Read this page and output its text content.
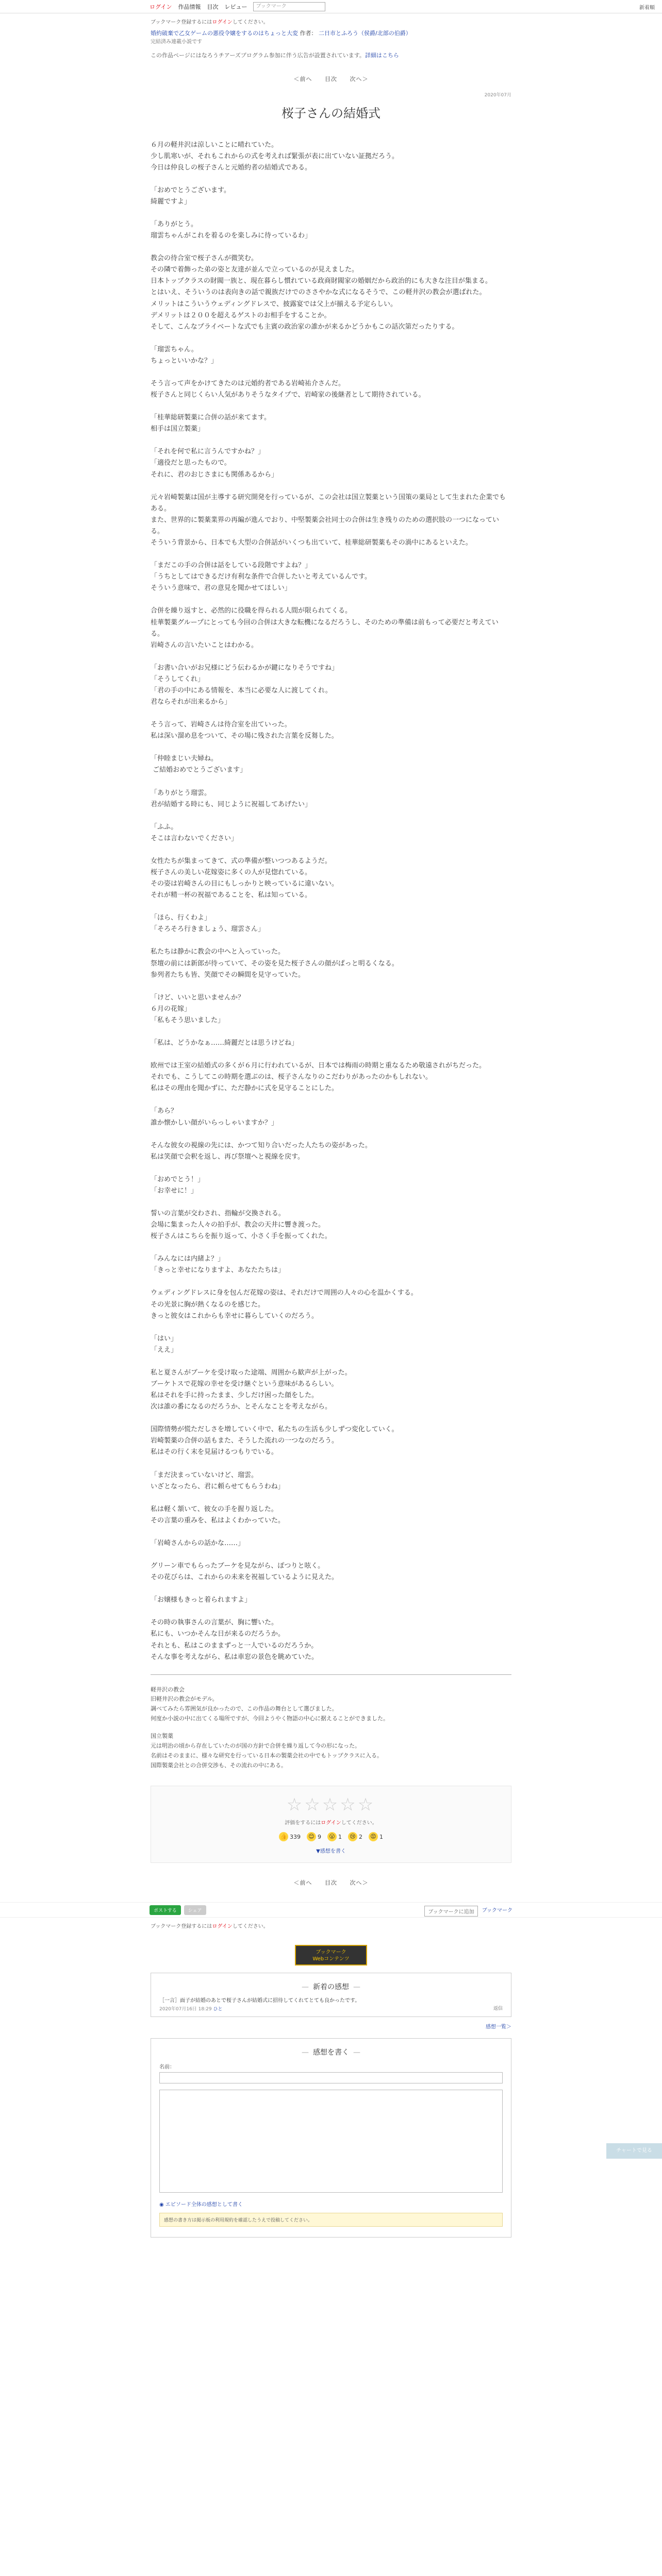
ログイン 作品情報 目次 レビュー
ブックマーク	新着順
ブックマーク登録するにはログインしてください。
婚約破棄で乙女ゲームの悪役令嬢をするのはちょっと大変 作者： 二日市とふろう（侯爵/北部の伯爵）
完結済み連載小説です
この作品ページにはなろうチアーズプログラム参加に伴う広告が設置されています。詳細はこちら
＜前へ 目次 次へ＞
2020年07月
桜子さんの結婚式

６月の軽井沢は涼しいことに晴れていた。
少し肌寒いが、それもこれからの式を考えれば緊張が表に出ていない証拠だろう。
今日は仲良しの桜子さんと元婚約者の結婚式である。

「おめでとうございます。
綺麗ですよ」

「ありがとう。
瑠雲ちゃんがこれを着るのを楽しみに待っているわ」

教会の待合室で桜子さんが微笑む。
その隣で着飾った弟の姿と友達が並んで立っているのが見えました。
日本トップクラスの財閥一族と、現在暮らし慣れている政商財閥家の婚姻だから政治的にも大きな注目が集まる。
とはいえ、そういうのは表向きの話で親族だけでのささやかな式になるそうで、この軽井沢の教会が選ばれた。
メリットはこういうウェディングドレスで、披露宴では父上が揃える予定らしい。
デメリットは２００を超えるゲストのお相手をすることか。
そして、こんなプライベートな式でも主賓の政治家の誰かが来るかどうかもこの話次第だったりする。

「瑠雲ちゃん。
ちょっといいかな？」

そう言って声をかけてきたのは元婚約者である岩崎祐介さんだ。
桜子さんと同じくらい人気がありそうなタイプで、岩崎家の後継者として期待されている。

「桂華総研製薬に合併の話が来てます。
相手は国立製薬」

「それを何で私に言うんですかね？」
「適役だと思ったもので。
それに、君のおじさまにも関係あるから」

元々岩崎製薬は国が主導する研究開発を行っているが、この会社は国立製薬という国策の薬局として生まれた企業でもある。
また、世界的に製薬業界の再編が進んでおり、中堅製薬会社同士の合併は生き残りのための選択肢の一つになっている。
そういう背景から、日本でも大型の合併話がいくつも出ていて、桂華総研製薬もその渦中にあるといえた。

「まだこの手の合併は話をしている段階ですよね？」
「うちとしてはできるだけ有利な条件で合併したいと考えているんです。
そういう意味で、君の意見を聞かせてほしい」

合併を繰り返すと、必然的に役職を得られる人間が限られてくる。
桂華製薬グループにとっても今回の合併は大きな転機になるだろうし、そのための準備は前もって必要だと考えている。
岩崎さんの言いたいことはわかる。

「お書い合いがお兄様にどう伝わるかが鍵になりそうですね」
「そうしてくれ」
「君の手の中にある情報を、本当に必要な人に渡してくれ。
君ならそれが出来るから」

そう言って、岩崎さんは待合室を出ていった。
私は深い溜め息をついて、その場に残された言葉を反芻した。

「仲睦まじい夫婦ね。
ご結婚おめでとうございます」

「ありがとう瑠雲。
君が結婚する時にも、同じように祝福してあげたい」

「ふふ。
そこは言わないでください」

女性たちが集まってきて、式の準備が整いつつあるようだ。
桜子さんの美しい花嫁姿に多くの人が見惚れている。
その姿は岩崎さんの目にもしっかりと映っているに違いない。
それが精一杯の祝福であることを、私は知っている。

「ほら、行くわよ」
「そろそろ行きましょう、瑠雲さん」

私たちは静かに教会の中へと入っていった。
祭壇の前には新郎が待っていて、その姿を見た桜子さんの顔がぱっと明るくなる。
参列者たちも皆、笑顔でその瞬間を見守っていた。

「けど、いいと思いませんか？
６月の花嫁」
「私もそう思いました」

「私は、どうかなぁ……綺麗だとは思うけどね」

欧州では王室の結婚式の多くが６月に行われているが、日本では梅雨の時期と重なるため敬遠されがちだった。
それでも、こうしてこの時期を選ぶのは、桜子さんなりのこだわりがあったのかもしれない。
私はその理由を聞かずに、ただ静かに式を見守ることにした。

「あら？
誰か懐かしい顔がいらっしゃいますか？」

そんな彼女の視線の先には、かつて知り合いだった人たちの姿があった。
私は笑顔で会釈を返し、再び祭壇へと視線を戻す。

「おめでとう！」
「お幸せに！」

誓いの言葉が交わされ、指輪が交換される。
会場に集まった人々の拍手が、教会の天井に響き渡った。
桜子さんはこちらを振り返って、小さく手を振ってくれた。

「みんなには内緒よ？」
「きっと幸せになりますよ、あなたたちは」

ウェディングドレスに身を包んだ花嫁の姿は、それだけで周囲の人々の心を温かくする。
その光景に胸が熱くなるのを感じた。
きっと彼女はこれからも幸せに暮らしていくのだろう。

「はい」
「ええ」

私と夏さんがブーケを受け取った途端、周囲から歓声が上がった。
ブーケトスで花嫁の幸せを受け継ぐという意味があるらしい。
私はそれを手に持ったまま、少しだけ困った顔をした。
次は誰の番になるのだろうか、とそんなことを考えながら。

国際情勢が慌ただしさを増していく中で、私たちの生活も少しずつ変化していく。
岩崎製薬の合併の話もまた、そうした流れの一つなのだろう。
私はその行く末を見届けるつもりでいる。

「まだ決まっていないけど、瑠雲。
いざとなったら、君に頼らせてもらうわね」

私は軽く頷いて、彼女の手を握り返した。
その言葉の重みを、私はよくわかっていた。

「岩崎さんからの話かな……」

グリーン車でもらったブーケを見ながら、ぽつりと呟く。
その花びらは、これからの未来を祝福しているように見えた。

「お嬢様もきっと着られますよ」

その時の執事さんの言葉が、胸に響いた。
私にも、いつかそんな日が来るのだろうか。
それとも、私はこのままずっと一人でいるのだろうか。
そんな事を考えながら、私は車窓の景色を眺めていた。

軽井沢の教会
旧軽井沢の教会がモデル。
調べてみたら雰囲気が良かったので、この作品の舞台として選びました。
何度か小説の中に出てくる場所ですが、今回ようやく物語の中心に据えることができました。

国立製薬
元は明治の頃から存在していたのが国の方針で合併を繰り返して今の形になった。
名前はそのままに、様々な研究を行っている日本の製薬会社の中でもトップクラスに入る。
国際製薬会社との合併交渉も、その流れの中にある。

☆☆☆☆☆
評価をするにはログインしてください。
👍 339 😊 9 😮 1 😢 2 😡 1
▼感想を書く
＜前へ 目次 次へ＞
ポストする	シェア	ブックマークに追加	ブックマーク
ブックマーク登録するにはログインしてください。
ブックマーク
Webコンテンツ
— 新着の感想 —
［一言］面子が結婚のあとで桜子さんが結婚式に招待してくれてとても良かったです。
2020年07月16日 18:29 ひと	返信
感想一覧＞
— 感想を書く —
名前：
◉ エピソード全体の感想として書く
感想の書き方は掲示板の利用規約を確認したうえで投稿してください。
チャートで見る
